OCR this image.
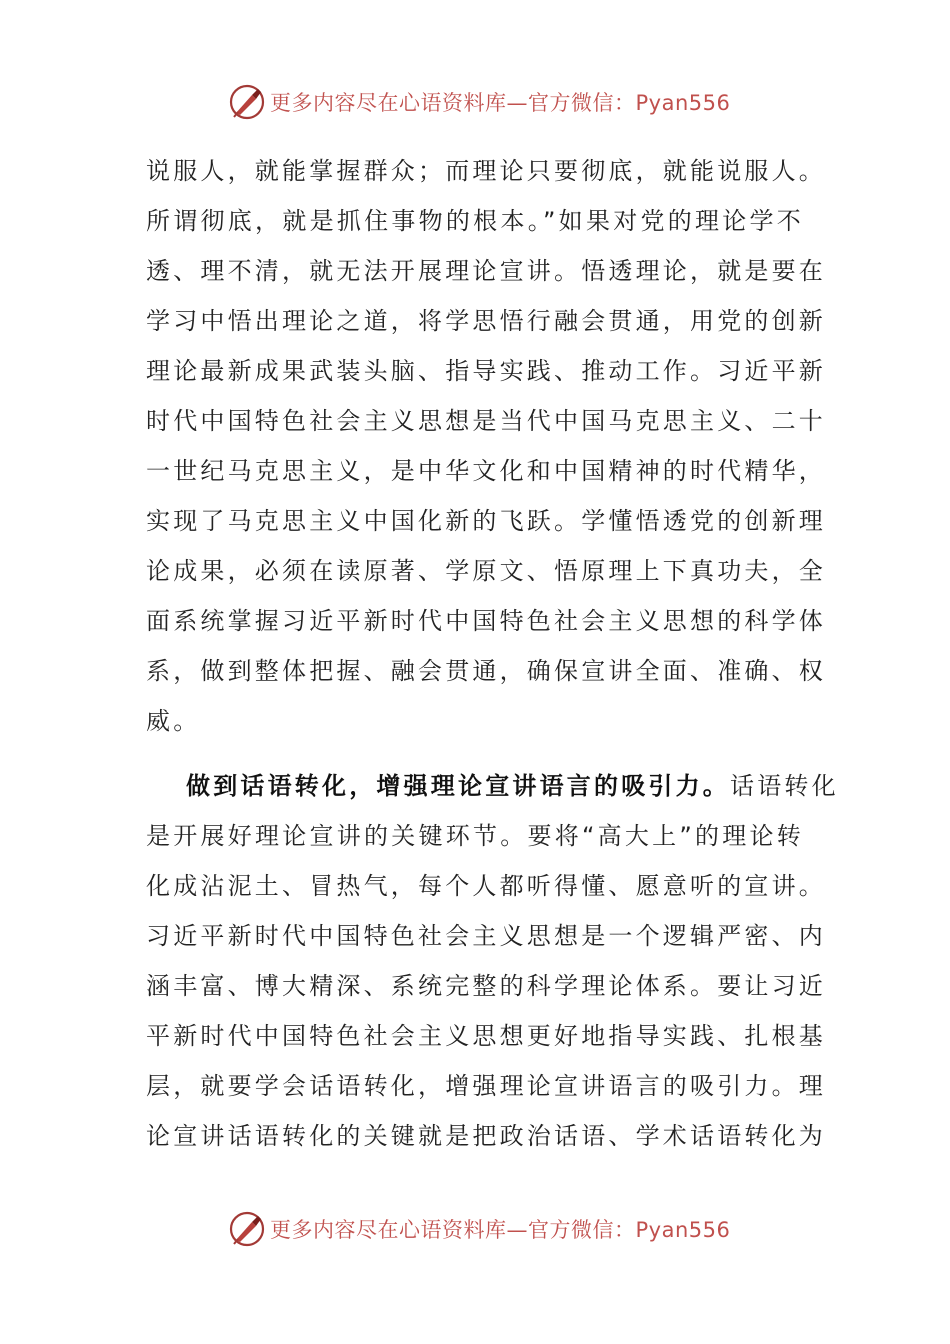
更多内容尽在心语资料库—官方微信：Pyan556
说服人，就能掌握群众；而理论只要彻底，就能说服人。
所谓彻底，就是抓住事物的根本。”如果对党的理论学不
透、理不清，就无法开展理论宣讲。悟透理论，就是要在
学习中悟出理论之道，将学思悟行融会贯通，用党的创新
理论最新成果武装头脑、指导实践、推动工作。习近平新
时代中国特色社会主义思想是当代中国马克思主义、二十
一世纪马克思主义，是中华文化和中国精神的时代精华，
实现了马克思主义中国化新的飞跃。学懂悟透党的创新理
论成果，必须在读原著、学原文、悟原理上下真功夫，全
面系统掌握习近平新时代中国特色社会主义思想的科学体
系，做到整体把握、融会贯通，确保宣讲全面、准确、权
威。
做到话语转化，增强理论宣讲语言的吸引力。话语转化
是开展好理论宣讲的关键环节。要将“高大上”的理论转
化成沾泥土、冒热气，每个人都听得懂、愿意听的宣讲。
习近平新时代中国特色社会主义思想是一个逻辑严密、内
涵丰富、博大精深、系统完整的科学理论体系。要让习近
平新时代中国特色社会主义思想更好地指导实践、扎根基
层，就要学会话语转化，增强理论宣讲语言的吸引力。理
论宣讲话语转化的关键就是把政治话语、学术话语转化为
更多内容尽在心语资料库—官方微信：Pyan556
